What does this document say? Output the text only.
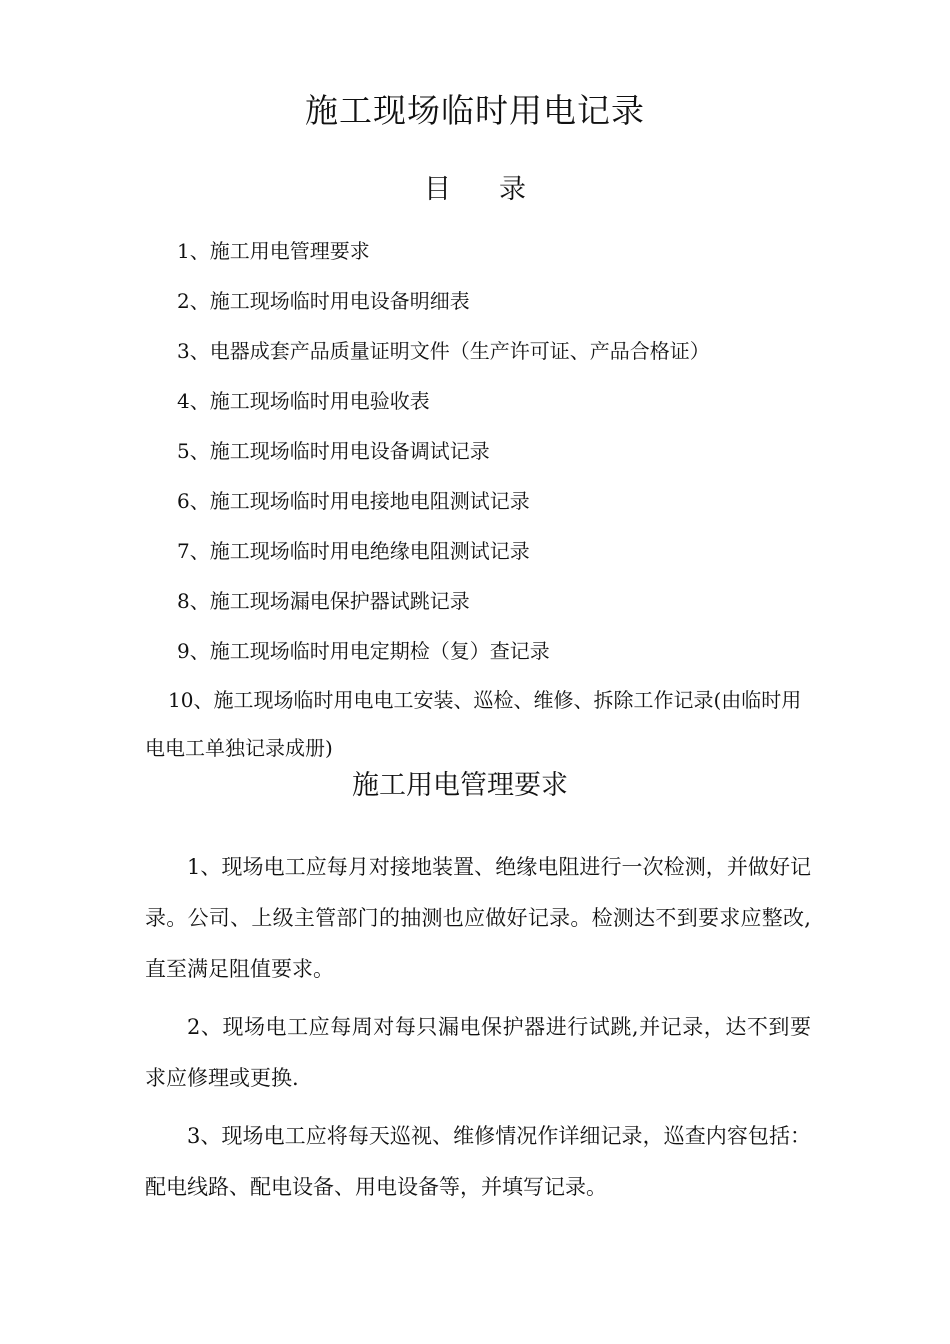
施工现场临时用电记录
目 录
1、施工用电管理要求
2、施工现场临时用电设备明细表
3、电器成套产品质量证明文件（生产许可证、产品合格证）
4、施工现场临时用电验收表
5、施工现场临时用电设备调试记录
6、施工现场临时用电接地电阻测试记录
7、施工现场临时用电绝缘电阻测试记录
8、施工现场漏电保护器试跳记录
9、施工现场临时用电定期检（复）查记录
10、施工现场临时用电电工安装、巡检、维修、拆除工作记录(由临时用电电工单独记录成册)
施工用电管理要求

1、现场电工应每月对接地装置、绝缘电阻进行一次检测，并做好记录。公司、上级主管部门的抽测也应做好记录。检测达不到要求应整改,直至满足阻值要求。

2、现场电工应每周对每只漏电保护器进行试跳,并记录，达不到要求应修理或更换.

3、现场电工应将每天巡视、维修情况作详细记录，巡查内容包括：配电线路、配电设备、用电设备等，并填写记录。
